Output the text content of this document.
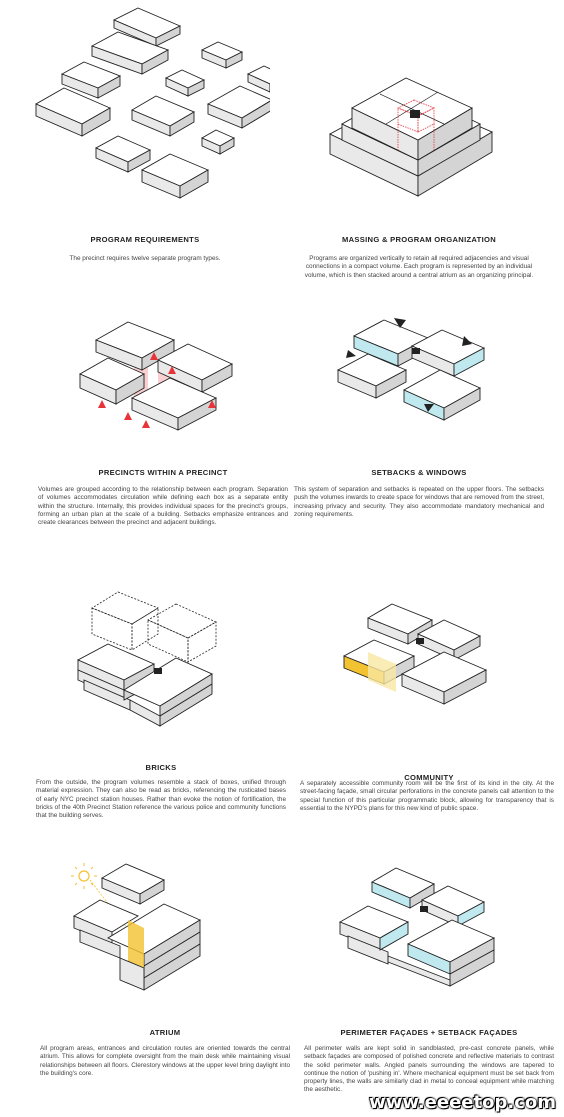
PROGRAM REQUIREMENTS
The precinct requires twelve separate program types.
MASSING & PROGRAM ORGANIZATION
Programs are organized vertically to retain all required adjacencies and visual connections in a compact volume. Each program is represented by an individual volume, which is then stacked around a central atrium as an organizing principal.
PRECINCTS WITHIN A PRECINCT
Volumes are grouped according to the relationship between each program. Separation of volumes accommodates circulation while defining each box as a separate entity within the structure. Internally, this provides individual spaces for the precinct's groups, forming an urban plan at the scale of a building. Setbacks emphasize entrances and create clearances between the precinct and adjacent buildings.
SETBACKS & WINDOWS
This system of separation and setbacks is repeated on the upper floors. The setbacks push the volumes inwards to create space for windows that are removed from the street, increasing privacy and security. They also accommodate mandatory mechanical and zoning requirements.
BRICKS
From the outside, the program volumes resemble a stack of boxes, unified through material expression. They can also be read as bricks, referencing the rusticated bases of early NYC precinct station houses. Rather than evoke the notion of fortification, the bricks of the 40th Precinct Station reference the various police and community functions that the building serves.
COMMUNITY
A separately accessible community room will be the first of its kind in the city. At the street-facing façade, small circular perforations in the concrete panels call attention to the special function of this particular programmatic block, allowing for transparency that is essential to the NYPD's plans for this new kind of public space.
ATRIUM
All program areas, entrances and circulation routes are oriented towards the central atrium. This allows for complete oversight from the main desk while maintaining visual relationships between all floors. Clerestory windows at the upper level bring daylight into the building's core.
PERIMETER FAÇADES + SETBACK FAÇADES
All perimeter walls are kept solid in sandblasted, pre-cast concrete panels, while setback façades are composed of polished concrete and reflective materials to contrast the solid perimeter walls. Angled panels surrounding the windows are tapered to continue the notion of 'pushing in'. Where mechanical equipment must be set back from property lines, the walls are similarly clad in metal to conceal equipment while matching the aesthetic.
www.eeeetop.com
